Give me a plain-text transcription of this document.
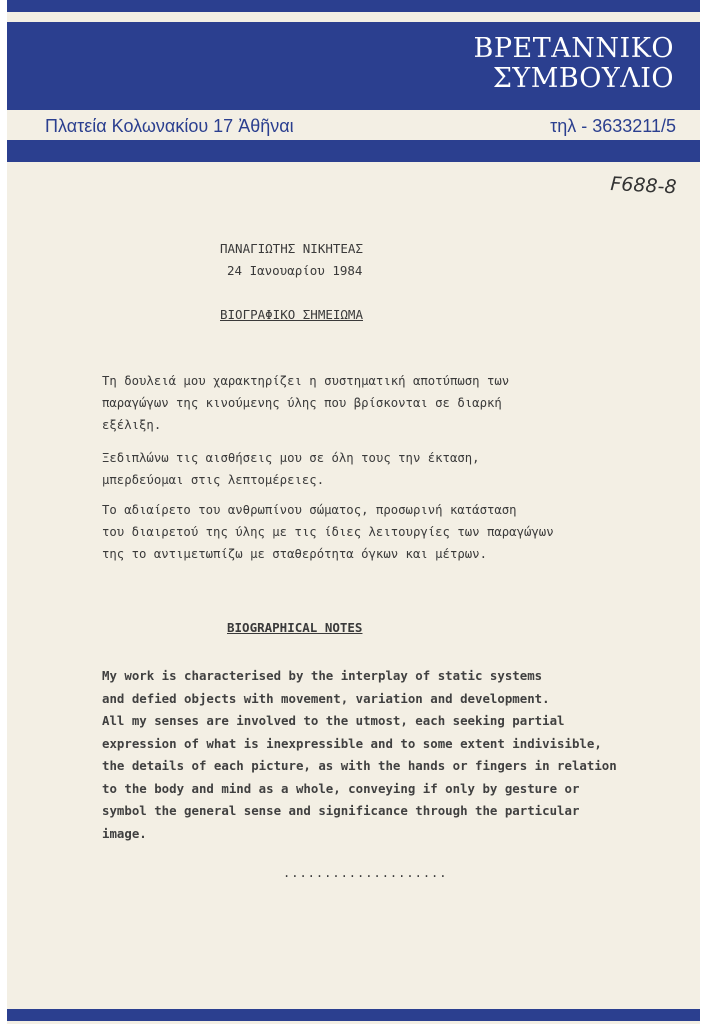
ΒΡΕΤΑΝΝΙΚΟ
ΣΥΜΒΟΥΛΙΟ
Πλατεία Κολωνακίου 17 Ἀθῆναι	τηλ - 3633211/5
F688-8
ΠΑΝΑΓΙΩΤΗΣ ΝΙΚΗΤΕΑΣ
24 Ιανουαρίου 1984
ΒΙΟΓΡΑΦΙΚΟ ΣΗΜΕΙΩΜΑ
Τη δουλειά μου χαρακτηρίζει η συστηματική αποτύπωση των
παραγώγων της κινούμενης ύλης που βρίσκονται σε διαρκή
εξέλιξη.
Ξεδιπλώνω τις αισθήσεις μου σε όλη τους την έκταση,
μπερδεύομαι στις λεπτομέρειες.
Το αδιαίρετο του ανθρωπίνου σώματος, προσωρινή κατάσταση
του διαιρετού της ύλης με τις ίδιες λειτουργίες των παραγώγων
της το αντιμετωπίζω με σταθερότητα όγκων και μέτρων.
BIOGRAPHICAL NOTES
My work is characterised by the interplay of static systems
and defied objects with movement, variation and development.
All my senses are involved to the utmost, each seeking partial
expression of what is inexpressible and to some extent indivisible,
the details of each picture, as with the hands or fingers in relation
to the body and mind as a whole, conveying if only by gesture or
symbol the general sense and significance through the particular
image.
....................
